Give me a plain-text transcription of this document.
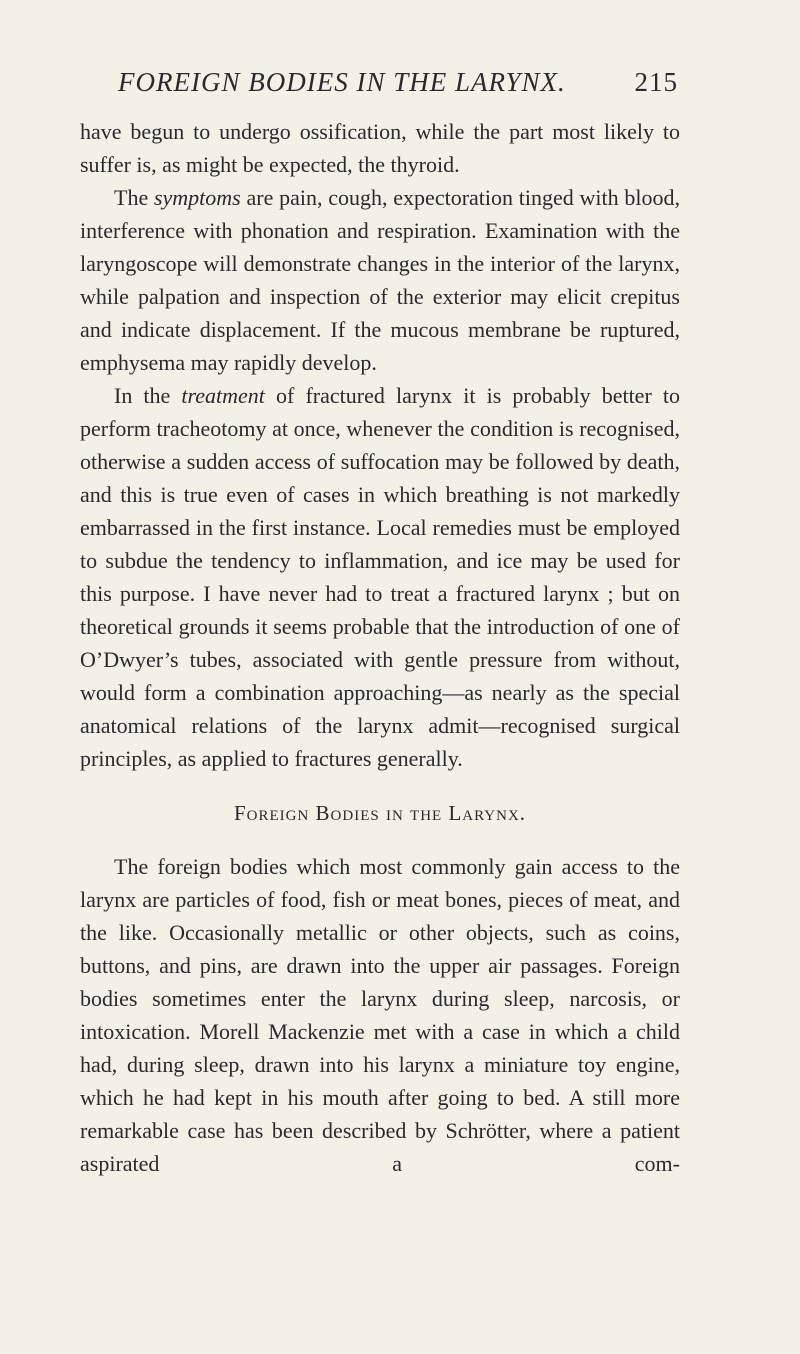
FOREIGN BODIES IN THE LARYNX.	215

have begun to undergo ossification, while the part most likely to suffer is, as might be expected, the thyroid.

The symptoms are pain, cough, expectoration tinged with blood, interference with phonation and respiration. Examination with the laryngoscope will demonstrate changes in the interior of the larynx, while palpation and inspection of the exterior may elicit crepitus and indicate displacement. If the mucous membrane be ruptured, emphysema may rapidly develop.

In the treatment of fractured larynx it is probably better to perform tracheotomy at once, whenever the condition is recognised, otherwise a sudden access of suffocation may be followed by death, and this is true even of cases in which breathing is not markedly embarrassed in the first instance. Local remedies must be employed to subdue the tendency to inflammation, and ice may be used for this purpose. I have never had to treat a fractured larynx ; but on theoretical grounds it seems probable that the introduction of one of O’Dwyer’s tubes, associated with gentle pressure from without, would form a combination approaching—as nearly as the special anatomical relations of the larynx admit—recognised surgical principles, as applied to fractures generally.

Foreign Bodies in the Larynx.

The foreign bodies which most commonly gain access to the larynx are particles of food, fish or meat bones, pieces of meat, and the like. Occasionally metallic or other objects, such as coins, buttons, and pins, are drawn into the upper air passages. Foreign bodies sometimes enter the larynx during sleep, narcosis, or intoxication. Morell Mackenzie met with a case in which a child had, during sleep, drawn into his larynx a miniature toy engine, which he had kept in his mouth after going to bed. A still more remarkable case has been described by Schrötter, where a patient aspirated a com-
